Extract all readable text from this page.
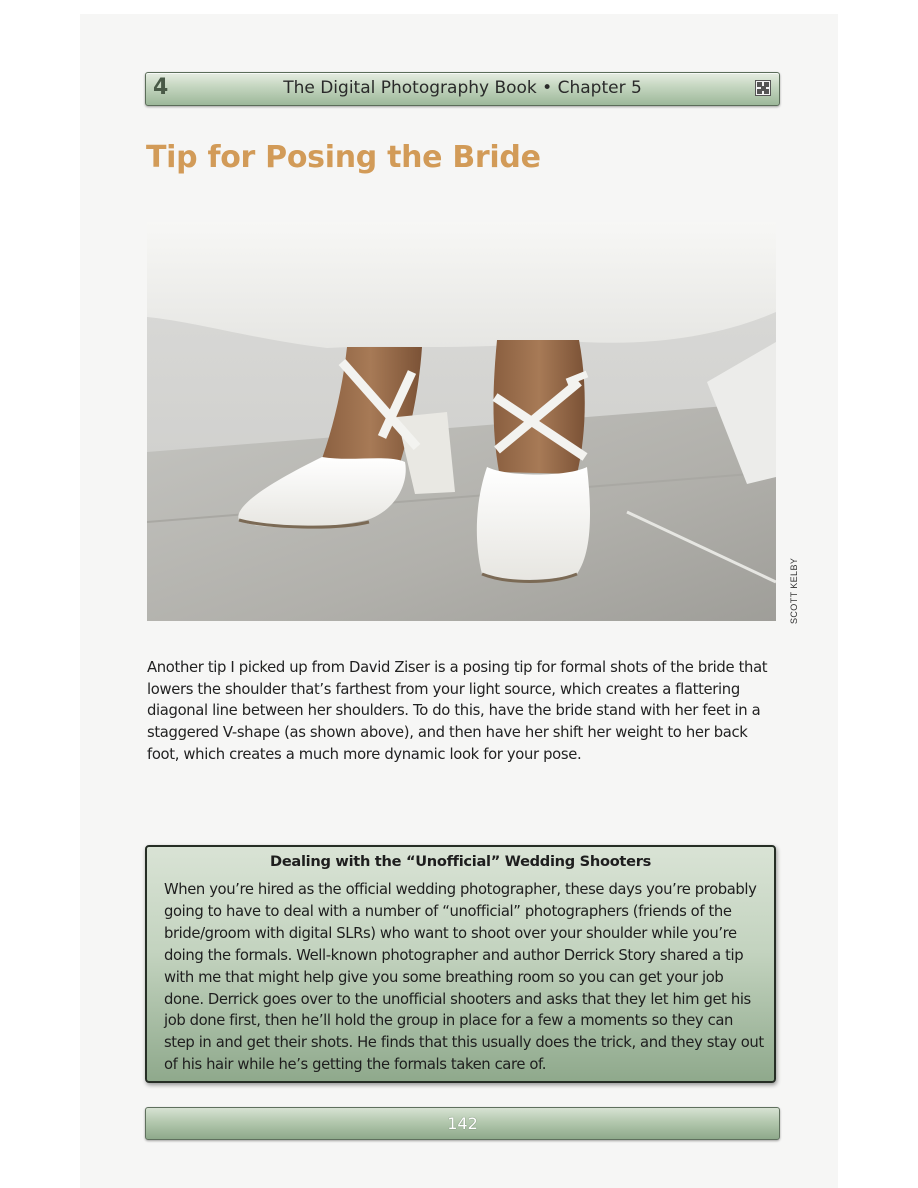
4	The Digital Photography Book • Chapter 5
Tip for Posing the Bride
SCOTT KELBY

Another tip I picked up from David Ziser is a posing tip for formal shots of the bride that lowers the shoulder that’s farthest from your light source, which creates a flattering diagonal line between her shoulders. To do this, have the bride stand with her feet in a staggered V-shape (as shown above), and then have her shift her weight to her back foot, which creates a much more dynamic look for your pose.

Dealing with the “Unofficial” Wedding Shooters

When you’re hired as the official wedding photographer, these days you’re probably going to have to deal with a number of “unofficial” photographers (friends of the bride/groom with digital SLRs) who want to shoot over your shoulder while you’re doing the formals. Well-known photographer and author Derrick Story shared a tip with me that might help give you some breathing room so you can get your job done. Derrick goes over to the unofficial shooters and asks that they let him get his job done first, then he’ll hold the group in place for a few a moments so they can step in and get their shots. He finds that this usually does the trick, and they stay out of his hair while he’s getting the formals taken care of.

142
